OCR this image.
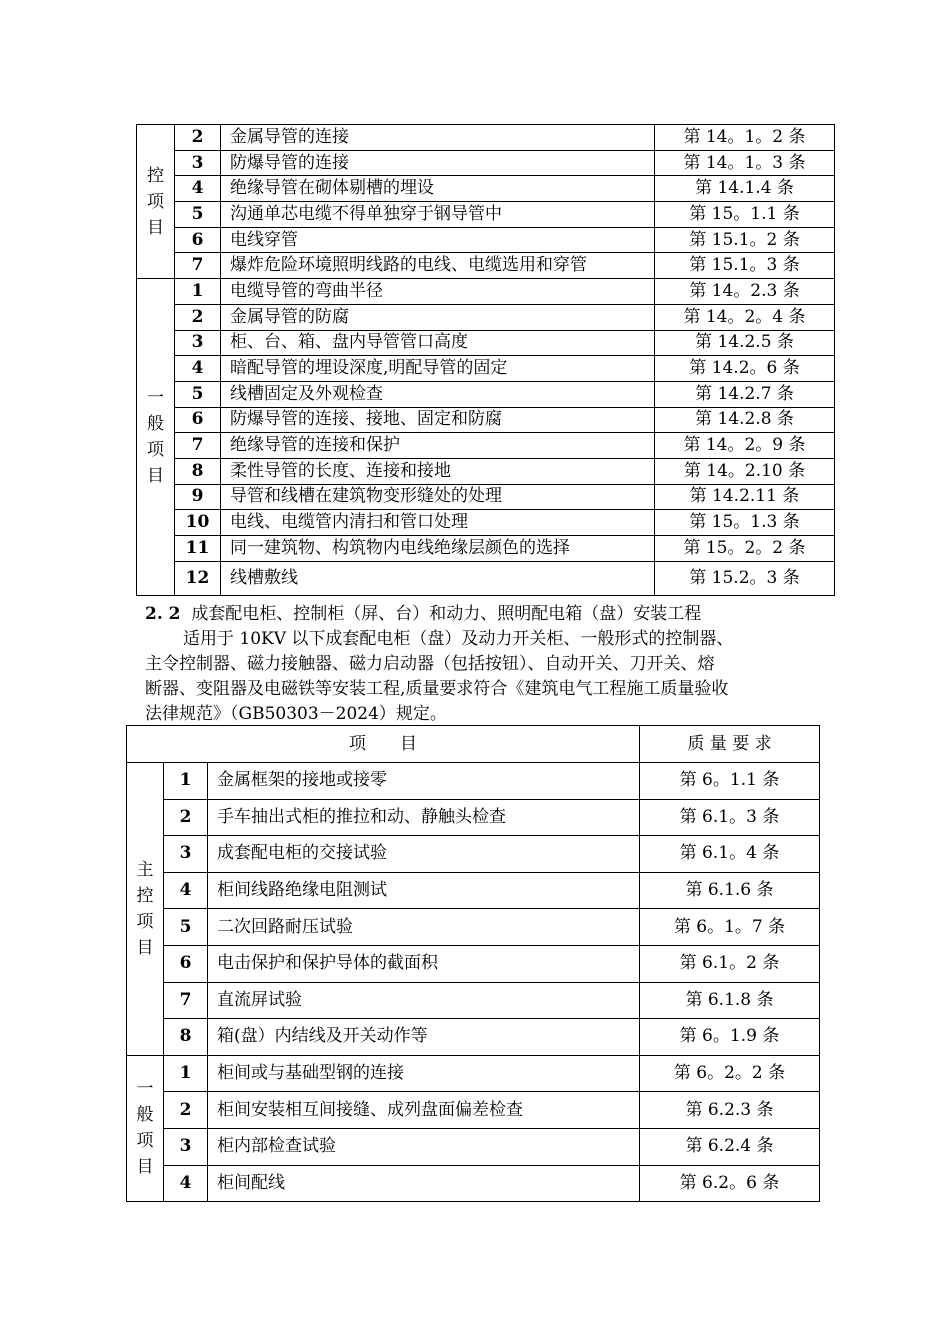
控
项
目	2	金属导管的连接	第 14。1。2 条
	3	防爆导管的连接	第 14。1。3 条
	4	绝缘导管在砌体剔槽的埋设	第 14.1.4 条
	5	沟通单芯电缆不得单独穿于钢导管中	第 15。1.1 条
	6	电线穿管	第 15.1。2 条
	7	爆炸危险环境照明线路的电线、电缆选用和穿管	第 15.1。3 条

一
般
项
目	1	电缆导管的弯曲半径	第 14。2.3 条
	2	金属导管的防腐	第 14。2。4 条
	3	柜、台、箱、盘内导管管口高度	第 14.2.5 条
	4	暗配导管的埋设深度,明配导管的固定	第 14.2。6 条
	5	线槽固定及外观检查	第 14.2.7 条
	6	防爆导管的连接、接地、固定和防腐	第 14.2.8 条
	7	绝缘导管的连接和保护	第 14。2。9 条
	8	柔性导管的长度、连接和接地	第 14。2.10 条
	9	导管和线槽在建筑物变形缝处的处理	第 14.2.11 条
	10	电线、电缆管内清扫和管口处理	第 15。1.3 条
	11	同一建筑物、构筑物内电线绝缘层颜色的选择	第 15。2。2 条
	12	线槽敷线	第 15.2。3 条
2. 2 成套配电柜、控制柜（屏、台）和动力、照明配电箱（盘）安装工程
适用于 10KV 以下成套配电柜（盘）及动力开关柜、一般形式的控制器、
主令控制器、磁力接触器、磁力启动器（包括按钮）、自动开关、刀开关、熔
断器、变阻器及电磁铁等安装工程,质量要求符合《建筑电气工程施工质量验收
法律规范》（GB50303－2024）规定。
项　　目			质 量 要 求

主
控
项
目	1	金属框架的接地或接零	第 6。1.1 条
	2	手车抽出式柜的推拉和动、静触头检查	第 6.1。3 条
	3	成套配电柜的交接试验	第 6.1。4 条
	4	柜间线路绝缘电阻测试	第 6.1.6 条
	5	二次回路耐压试验	第 6。1。7 条
	6	电击保护和保护导体的截面积	第 6.1。2 条
	7	直流屏试验	第 6.1.8 条
	8	箱(盘）内结线及开关动作等	第 6。1.9 条

一
般
项
目	1	柜间或与基础型钢的连接	第 6。2。2 条
	2	柜间安装相互间接缝、成列盘面偏差检查	第 6.2.3 条
	3	柜内部检查试验	第 6.2.4 条
	4	柜间配线	第 6.2。6 条
